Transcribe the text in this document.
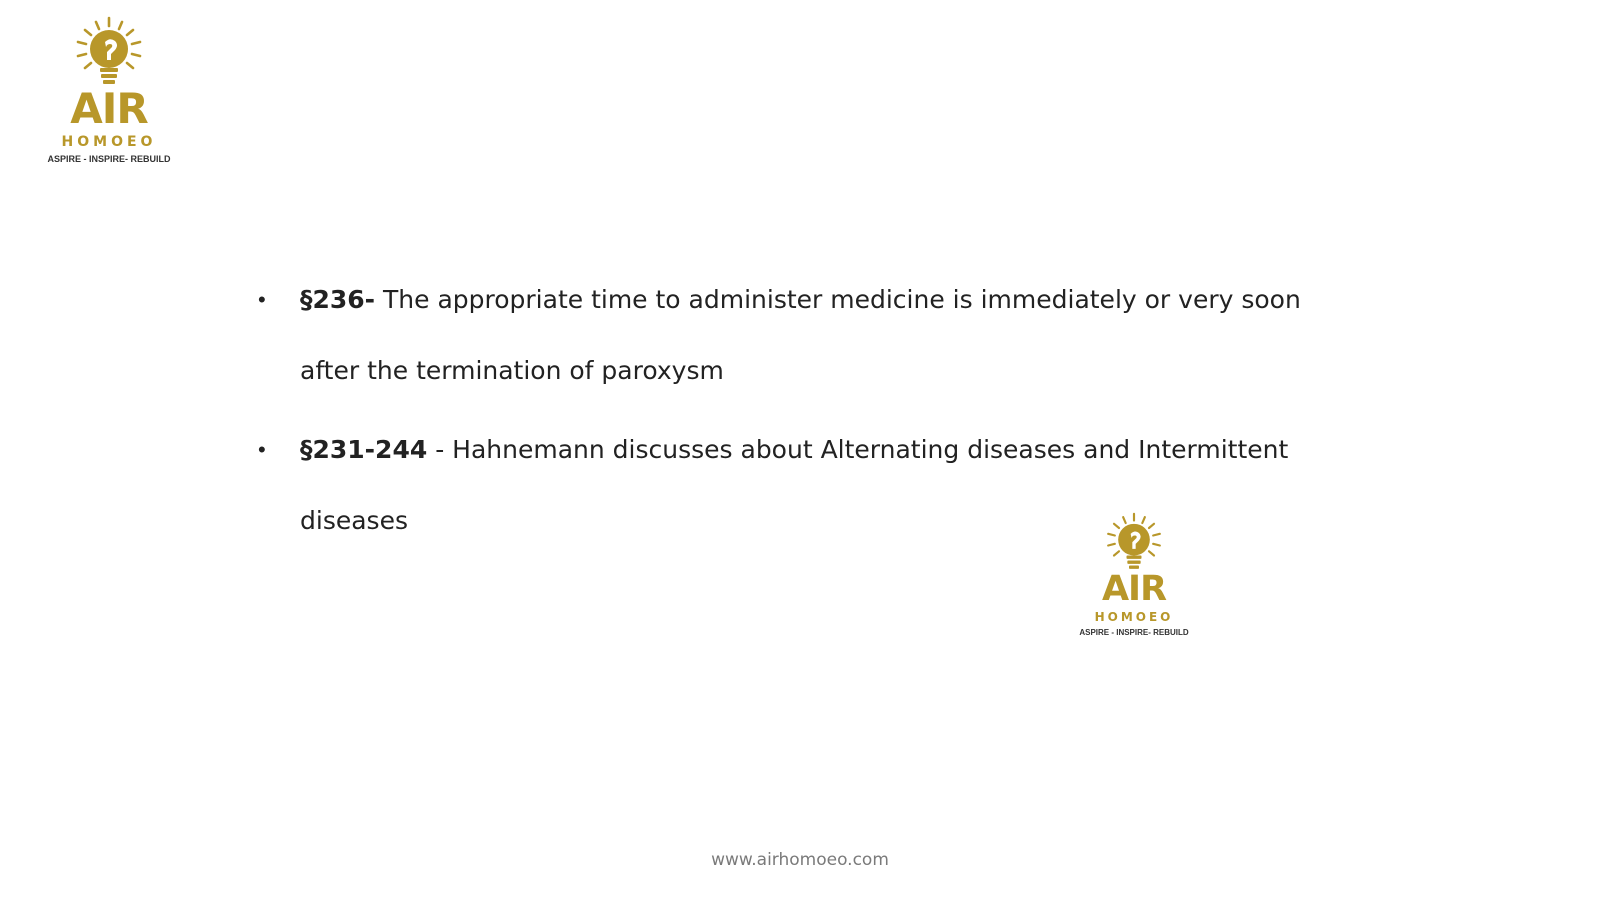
AIR
HOMOEO
ASPIRE - INSPIRE- REBUILD
•	§236- The appropriate time to administer medicine is immediately or very soon after the termination of paroxysm
•	§231-244 - Hahnemann discusses about Alternating diseases and Intermittent diseases
AIR
HOMOEO
ASPIRE - INSPIRE- REBUILD
www.airhomoeo.com
